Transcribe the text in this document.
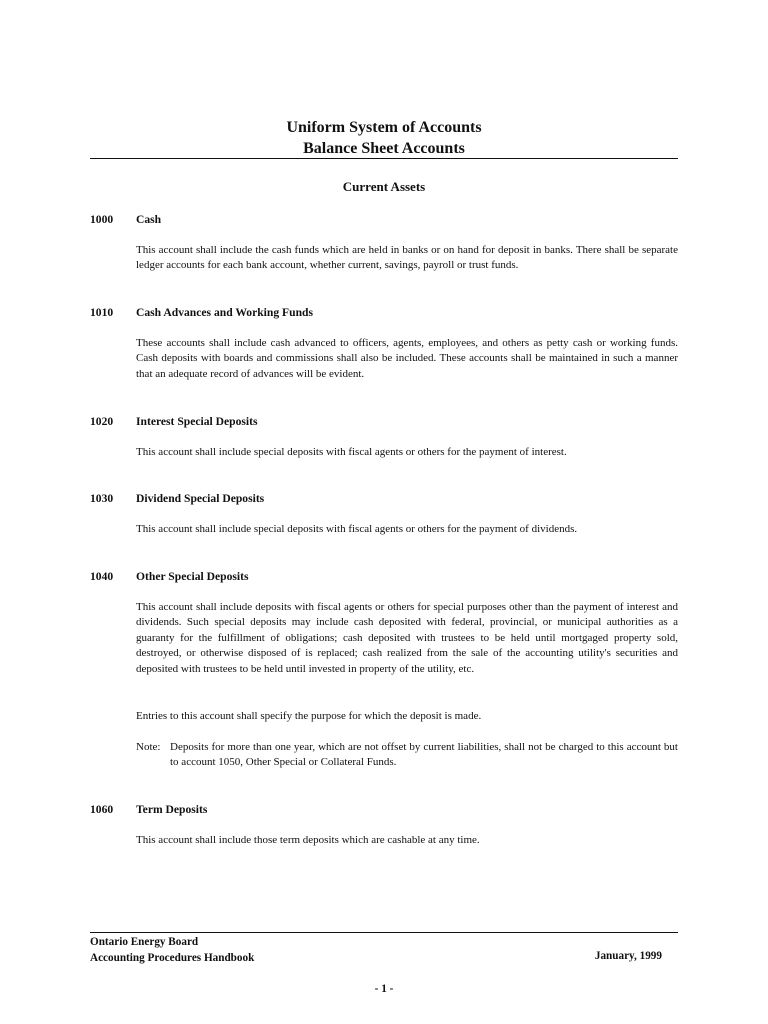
Uniform System of Accounts
Balance Sheet Accounts
Current Assets
1000 Cash
This account shall include the cash funds which are held in banks or on hand for deposit in banks. There shall be separate ledger accounts for each bank account, whether current, savings, payroll or trust funds.
1010 Cash Advances and Working Funds
These accounts shall include cash advanced to officers, agents, employees, and others as petty cash or working funds. Cash deposits with boards and commissions shall also be included. These accounts shall be maintained in such a manner that an adequate record of advances will be evident.
1020 Interest Special Deposits
This account shall include special deposits with fiscal agents or others for the payment of interest.
1030 Dividend Special Deposits
This account shall include special deposits with fiscal agents or others for the payment of dividends.
1040 Other Special Deposits
This account shall include deposits with fiscal agents or others for special purposes other than the payment of interest and dividends. Such special deposits may include cash deposited with federal, provincial, or municipal authorities as a guaranty for the fulfillment of obligations; cash deposited with trustees to be held until mortgaged property sold, destroyed, or otherwise disposed of is replaced; cash realized from the sale of the accounting utility's securities and deposited with trustees to be held until invested in property of the utility, etc.
Entries to this account shall specify the purpose for which the deposit is made.
Note: Deposits for more than one year, which are not offset by current liabilities, shall not be charged to this account but to account 1050, Other Special or Collateral Funds.
1060 Term Deposits
This account shall include those term deposits which are cashable at any time.
Ontario Energy Board
Accounting Procedures Handbook	January, 1999
- 1 -
